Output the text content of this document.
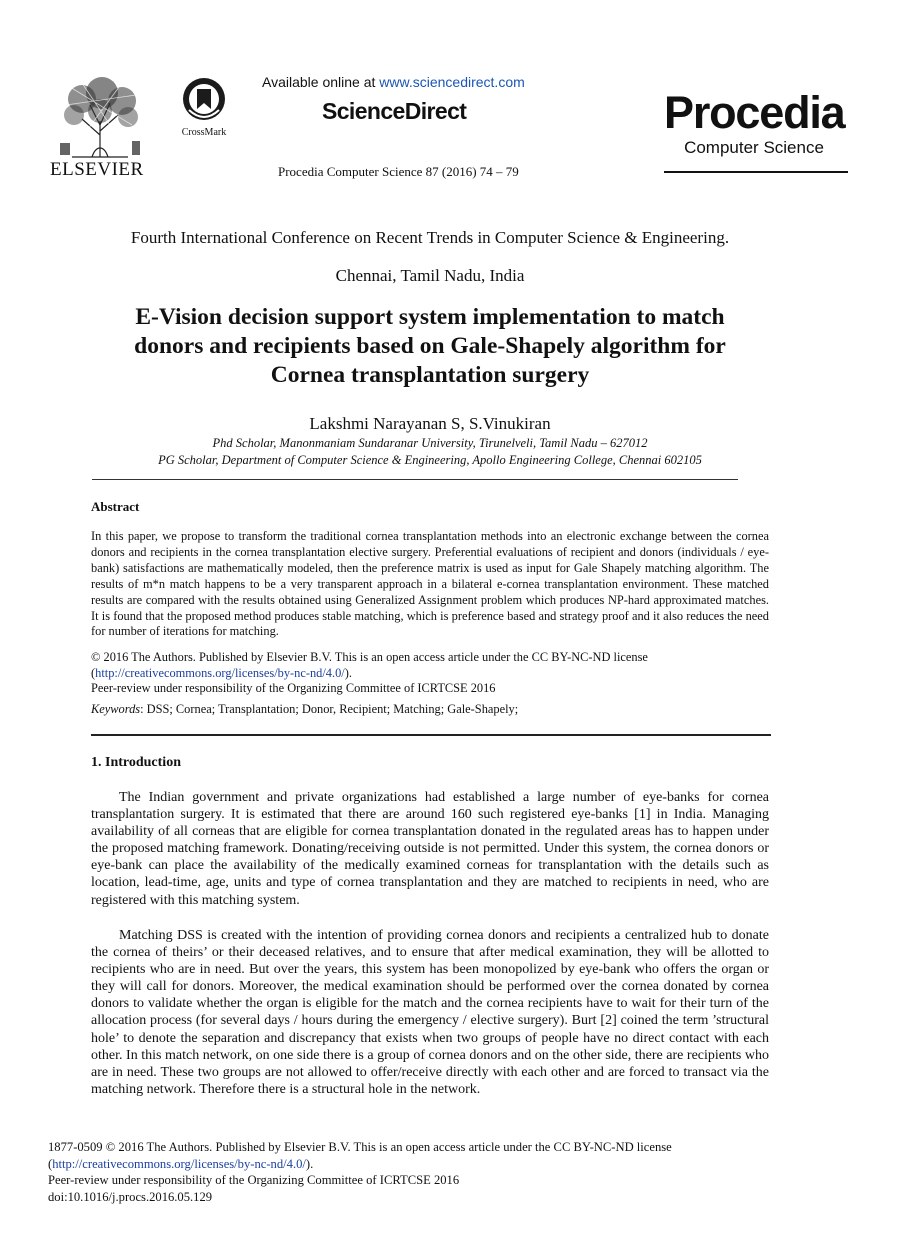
ELSEVIER
CrossMark
Available online at www.sciencedirect.com
ScienceDirect
Procedia Computer Science 87 (2016) 74 – 79
Procedia
Computer Science
Fourth International Conference on Recent Trends in Computer Science & Engineering.
Chennai, Tamil Nadu, India
E-Vision decision support system implementation to match
donors and recipients based on Gale-Shapely algorithm for
Cornea transplantation surgery
Lakshmi Narayanan S, S.Vinukiran
Phd Scholar, Manonmaniam Sundaranar University, Tirunelveli, Tamil Nadu – 627012
PG Scholar, Department of Computer Science & Engineering, Apollo Engineering College, Chennai 602105
Abstract
In this paper, we propose to transform the traditional cornea transplantation methods into an electronic exchange between the cornea donors and recipients in the cornea transplantation elective surgery. Preferential evaluations of recipient and donors (individuals / eye-bank) satisfactions are mathematically modeled, then the preference matrix is used as input for Gale Shapely matching algorithm. The results of m*n match happens to be a very transparent approach in a bilateral e-cornea transplantation environment. These matched results are compared with the results obtained using Generalized Assignment problem which produces NP-hard approximated matches. It is found that the proposed method produces stable matching, which is preference based and strategy proof and it also reduces the need for number of iterations for matching.
© 2016 The Authors. Published by Elsevier B.V. This is an open access article under the CC BY-NC-ND license
(http://creativecommons.org/licenses/by-nc-nd/4.0/).
Peer-review under responsibility of the Organizing Committee of ICRTCSE 2016
Keywords: DSS; Cornea; Transplantation; Donor, Recipient; Matching; Gale-Shapely;
1. Introduction
The Indian government and private organizations had established a large number of eye-banks for cornea transplantation surgery. It is estimated that there are around 160 such registered eye-banks [1] in India. Managing availability of all corneas that are eligible for cornea transplantation donated in the regulated areas has to happen under the proposed matching framework. Donating/receiving outside is not permitted. Under this system, the cornea donors or eye-bank can place the availability of the medically examined corneas for transplantation with the details such as location, lead-time, age, units and type of cornea transplantation and they are matched to recipients in need, who are registered with this matching system.
Matching DSS is created with the intention of providing cornea donors and recipients a centralized hub to donate the cornea of theirs’ or their deceased relatives, and to ensure that after medical examination, they will be allotted to recipients who are in need. But over the years, this system has been monopolized by eye-bank who offers the organ or they will call for donors. Moreover, the medical examination should be performed over the cornea donated by cornea donors to validate whether the organ is eligible for the match and the cornea recipients have to wait for their turn of the allocation process (for several days / hours during the emergency / elective surgery). Burt [2] coined the term ’structural hole’ to denote the separation and discrepancy that exists when two groups of people have no direct contact with each other. In this match network, on one side there is a group of cornea donors and on the other side, there are recipients who are in need. These two groups are not allowed to offer/receive directly with each other and are forced to transact via the matching network. Therefore there is a structural hole in the network.
1877-0509 © 2016 The Authors. Published by Elsevier B.V. This is an open access article under the CC BY-NC-ND license
(http://creativecommons.org/licenses/by-nc-nd/4.0/).
Peer-review under responsibility of the Organizing Committee of ICRTCSE 2016
doi:10.1016/j.procs.2016.05.129
